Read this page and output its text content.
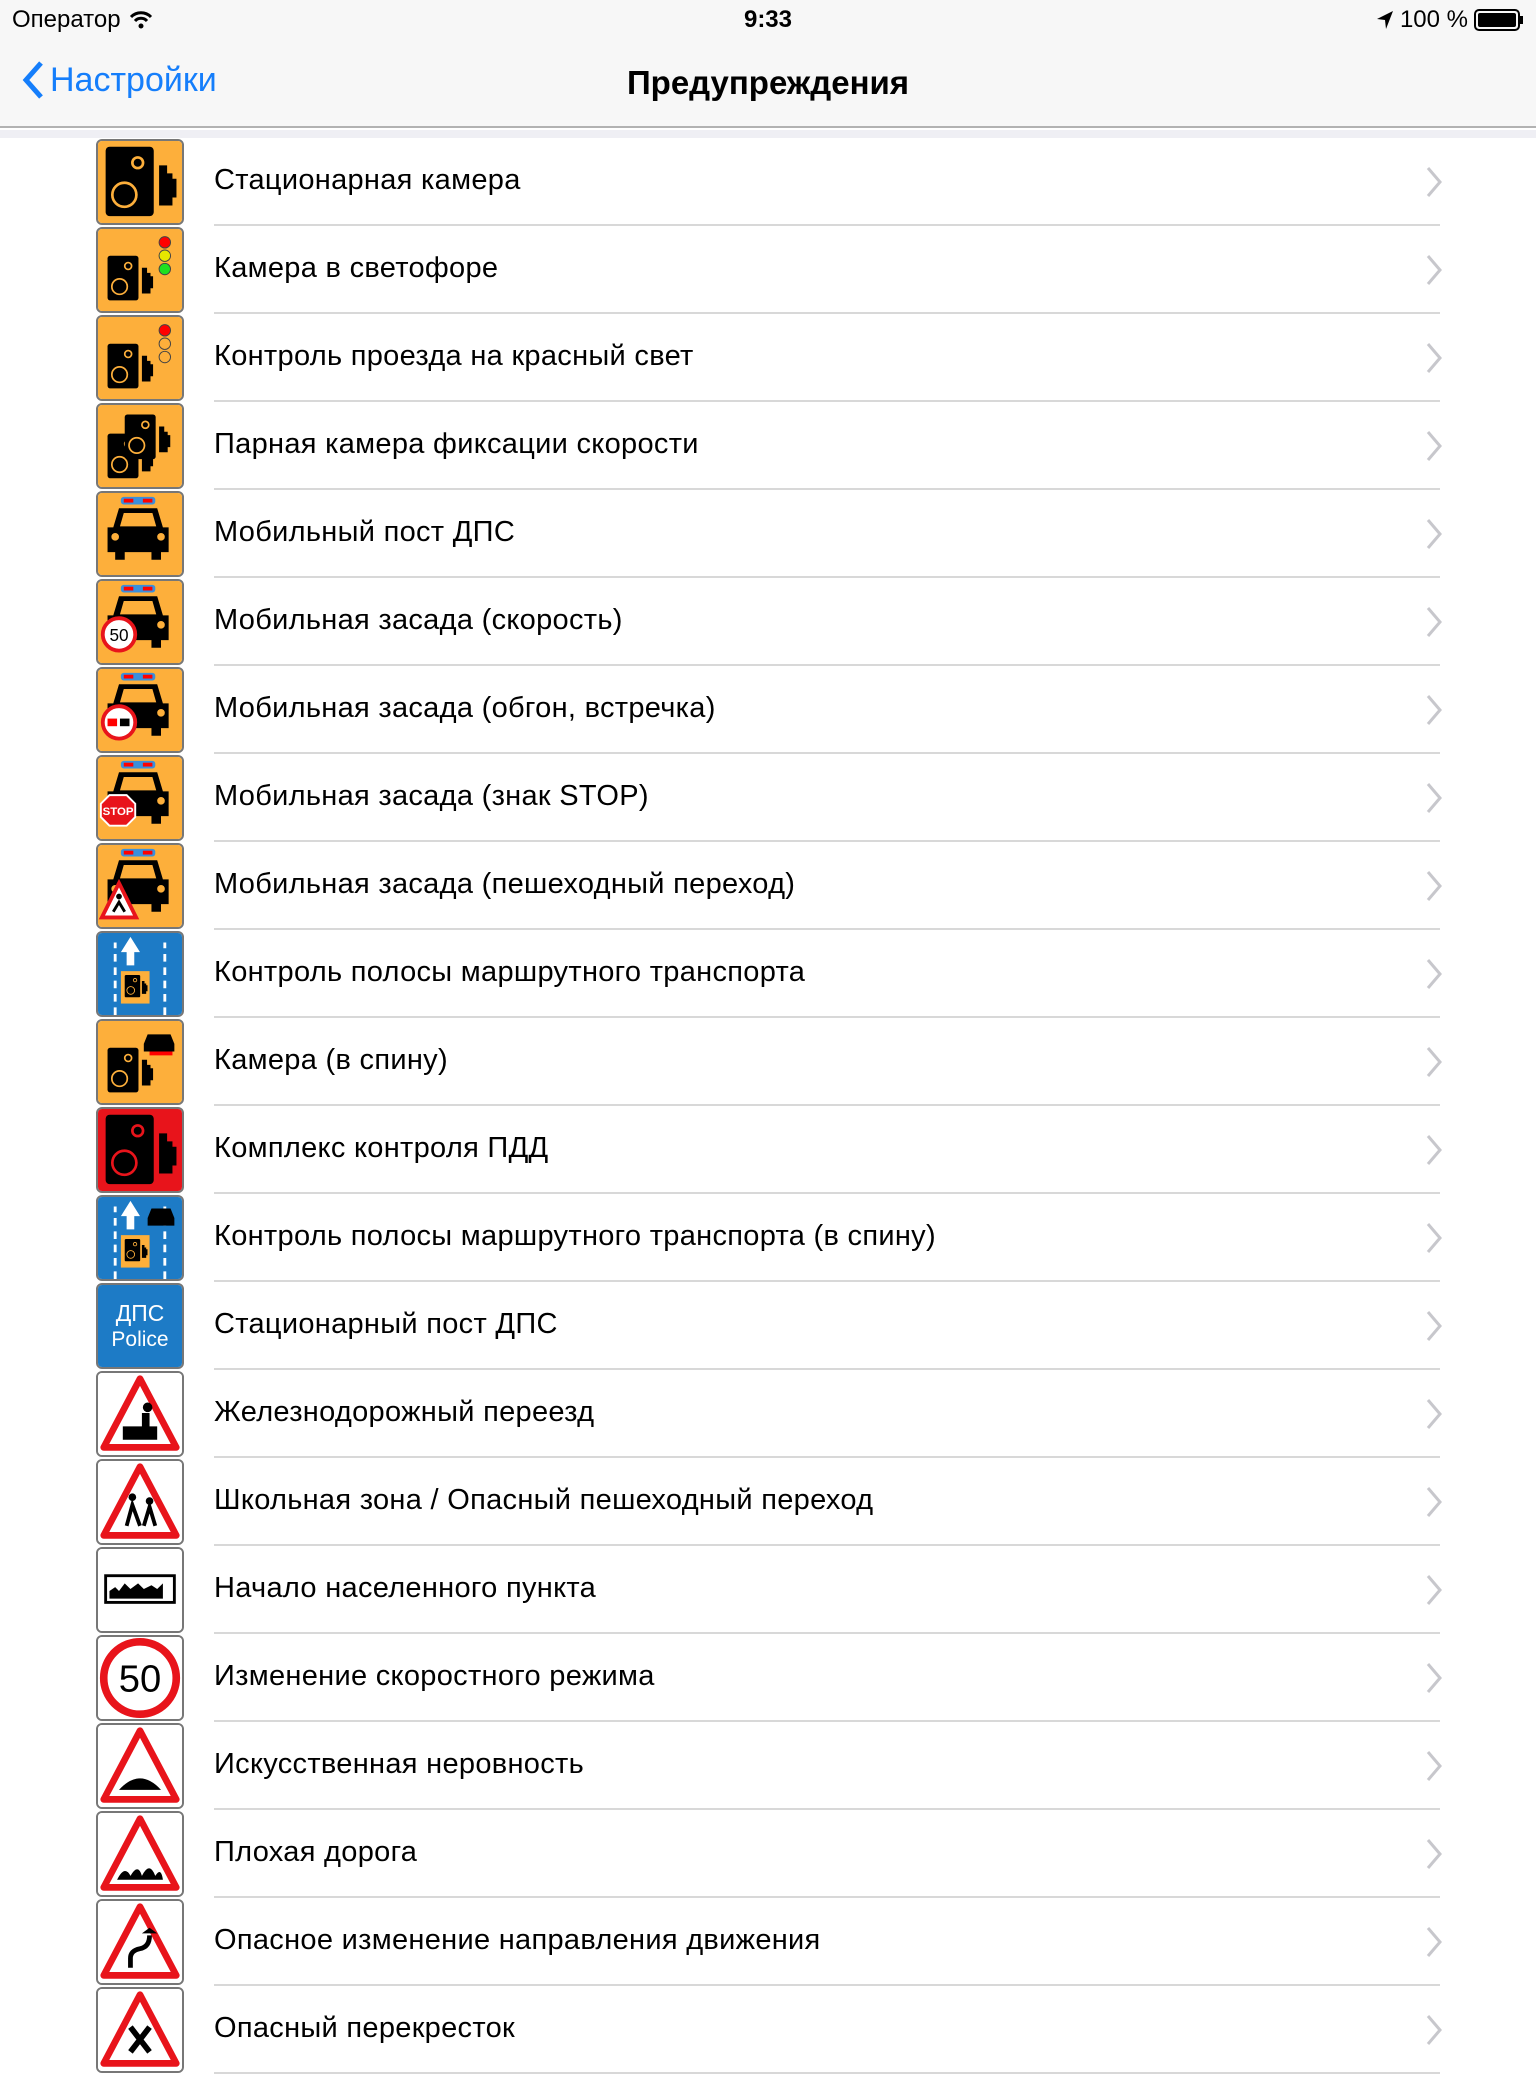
Оператор	9:33	100 %
Настройки	Предупреждения
Стационарная камера
Камера в светофоре
Контроль проезда на красный свет
Парная камера фиксации скорости
Мобильный пост ДПС
50	Мобильная засада (скорость)
Мобильная засада (обгон, встречка)
STOP
Мобильная засада (знак STOP)
Мобильная засада (пешеходный переход)
Контроль полосы маршрутного транспорта
Камера (в спину)
Комплекс контроля ПДД
Контроль полосы маршрутного транспорта (в спину)
ДПС
Police Стационарный пост ДПС
Железнодорожный переезд
Школьная зона / Опасный пешеходный переход
Начало населенного пункта
50 Изменение скоростного режима
Искусственная неровность
Плохая дорога
Опасное изменение направления движения
Опасный перекресток
